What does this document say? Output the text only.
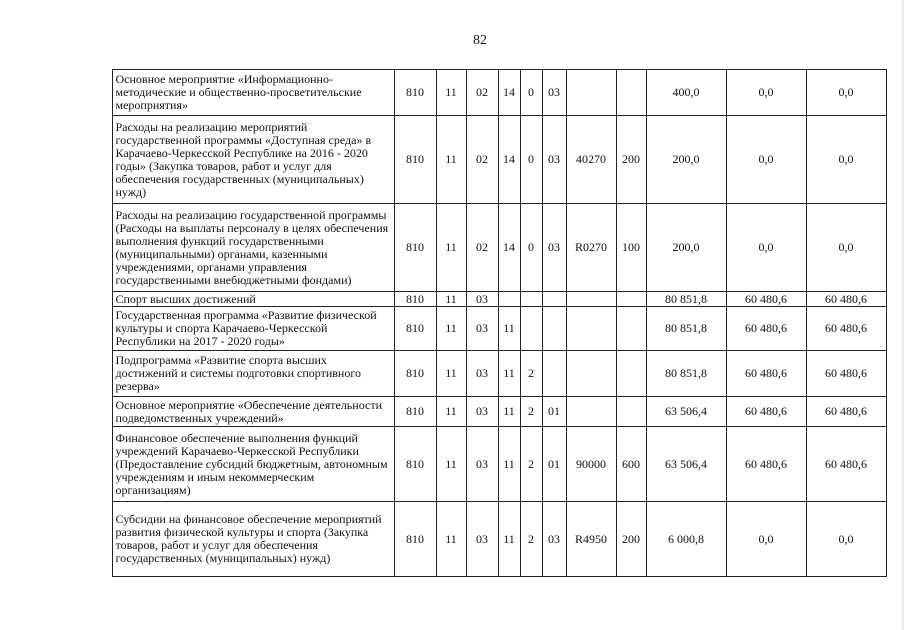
82
	Основное мероприятие «Информационно-методические и общественно-просветительские мероприятия»	810	11	02	14	0	03			400,0	0,0	0,0
	Расходы на реализацию мероприятий государственной программы «Доступная среда» в Карачаево-Черкесской Республике на 2016 - 2020 годы» (Закупка товаров, работ и услуг для обеспечения государственных (муниципальных) нужд)	810	11	02	14	0	03	40270	200	200,0	0,0	0,0
	Расходы на реализацию государственной программы (Расходы на выплаты персоналу в целях обеспечения выполнения функций государственными (муниципальными) органами, казенными учреждениями, органами управления государственными внебюджетными фондами)	810	11	02	14	0	03	R0270	100	200,0	0,0	0,0
	Спорт высших достижений	810	11	03						80 851,8	60 480,6	60 480,6
	Государственная программа «Развитие физической культуры и спорта Карачаево-Черкесской Республики на 2017 - 2020 годы»	810	11	03	11					80 851,8	60 480,6	60 480,6
	Подпрограмма «Развитие спорта высших достижений и системы подготовки спортивного резерва»	810	11	03	11	2				80 851,8	60 480,6	60 480,6
	Основное мероприятие «Обеспечение деятельности подведомственных учреждений»	810	11	03	11	2	01			63 506,4	60 480,6	60 480,6
	Финансовое обеспечение выполнения функций учреждений Карачаево-Черкесской Республики (Предоставление субсидий бюджетным, автономным учреждениям и иным некоммерческим организациям)	810	11	03	11	2	01	90000	600	63 506,4	60 480,6	60 480,6
	Субсидии на финансовое обеспечение мероприятий развития физической культуры и спорта (Закупка товаров, работ и услуг для обеспечения государственных (муниципальных) нужд)	810	11	03	11	2	03	R4950	200	6 000,8	0,0	0,0
